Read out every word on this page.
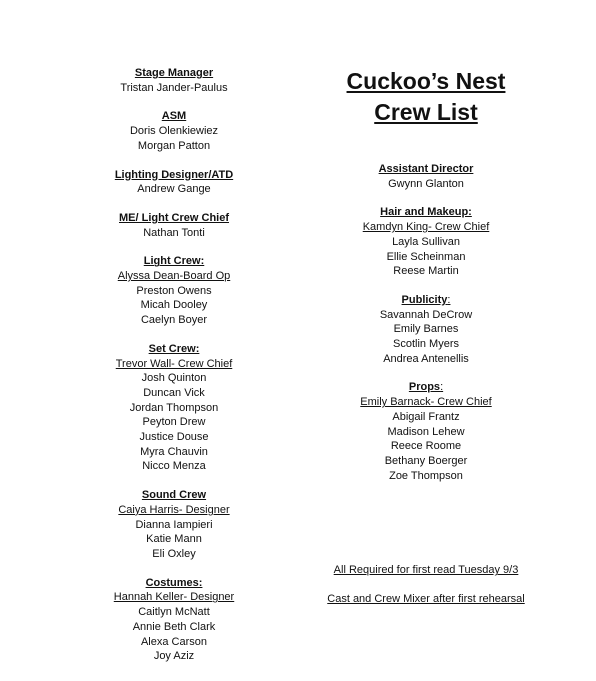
Stage Manager
Tristan Jander-Paulus
ASM
Doris Olenkiewiez
Morgan Patton
Lighting Designer/ATD
Andrew Gange
ME/ Light Crew Chief
Nathan Tonti
Light Crew:
Alyssa Dean-Board Op
Preston Owens
Micah Dooley
Caelyn Boyer
Set Crew:
Trevor Wall- Crew Chief
Josh Quinton
Duncan Vick
Jordan Thompson
Peyton Drew
Justice Douse
Myra Chauvin
Nicco Menza
Sound Crew
Caiya Harris- Designer
Dianna Iampieri
Katie Mann
Eli Oxley
Costumes:
Hannah Keller- Designer
Caitlyn McNatt
Annie Beth Clark
Alexa Carson
Joy Aziz
Cuckoo’s Nest
Crew List
Assistant Director
Gwynn Glanton
Hair and Makeup:
Kamdyn King- Crew Chief
Layla Sullivan
Ellie Scheinman
Reese Martin
Publicity:
Savannah DeCrow
Emily Barnes
Scotlin Myers
Andrea Antenellis
Props:
Emily Barnack- Crew Chief
Abigail Frantz
Madison Lehew
Reece Roome
Bethany Boerger
Zoe Thompson
All Required for first read Tuesday 9/3
Cast and Crew Mixer after first rehearsal
